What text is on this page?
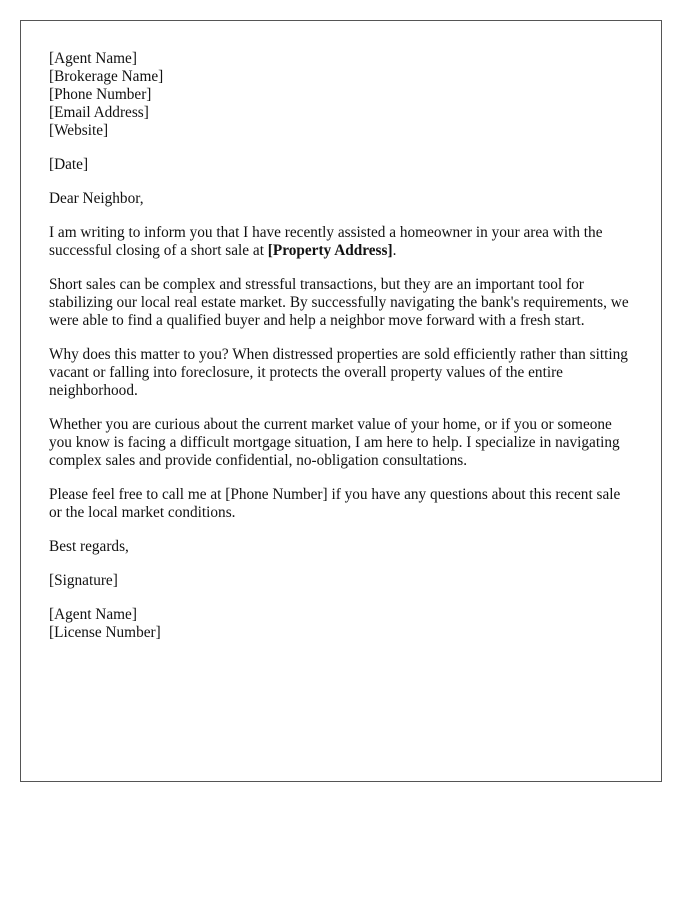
[Agent Name]
[Brokerage Name]
[Phone Number]
[Email Address]
[Website]

[Date]

Dear Neighbor,

I am writing to inform you that I have recently assisted a homeowner in your area with the successful closing of a short sale at [Property Address].

Short sales can be complex and stressful transactions, but they are an important tool for stabilizing our local real estate market. By successfully navigating the bank's requirements, we were able to find a qualified buyer and help a neighbor move forward with a fresh start.

Why does this matter to you? When distressed properties are sold efficiently rather than sitting vacant or falling into foreclosure, it protects the overall property values of the entire neighborhood.

Whether you are curious about the current market value of your home, or if you or someone you know is facing a difficult mortgage situation, I am here to help. I specialize in navigating complex sales and provide confidential, no-obligation consultations.

Please feel free to call me at [Phone Number] if you have any questions about this recent sale or the local market conditions.

Best regards,

[Signature]

[Agent Name]
[License Number]
